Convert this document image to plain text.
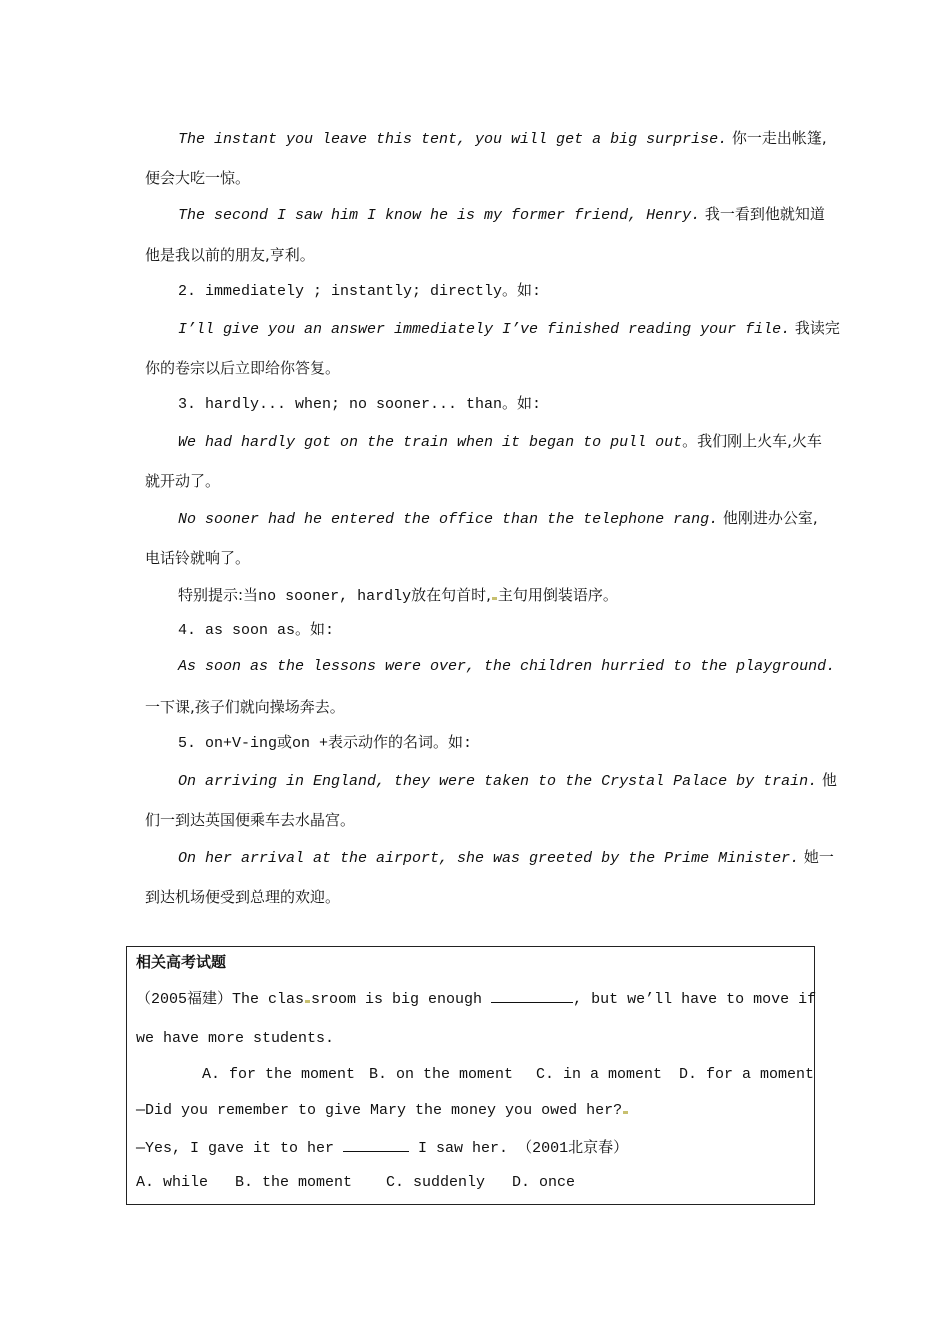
The instant you leave this tent, you will get a big surprise. 你一走出帐篷,
便会大吃一惊。
The second I saw him I know he is my former friend, Henry. 我一看到他就知道
他是我以前的朋友,亨利。
2. immediately ; instantly; directly。如:
I’ll give you an answer immediately I’ve finished reading your file. 我读完
你的卷宗以后立即给你答复。
3. hardly... when; no sooner... than。如:
We had hardly got on the train when it began to pull out。我们刚上火车,火车
就开动了。
No sooner had he entered the office than the telephone rang. 他刚进办公室,
电话铃就响了。
特别提示:当no sooner, hardly放在句首时, 主句用倒装语序。
4. as soon as。如:
As soon as the lessons were over, the children hurried to the playground.
一下课,孩子们就向操场奔去。
5. on+V-ing或on +表示动作的名词。如:
On arriving in England, they were taken to the Crystal Palace by train. 他
们一到达英国便乘车去水晶宫。
On her arrival at the airport, she was greeted by the Prime Minister. 她一
到达机场便受到总理的欢迎。
相关高考试题
（2005福建）The clas sroom is big enough	, but we’ll have to move if
we have more students.
A. for the moment B. on the moment C. in a moment D. for a moment
—Did you remember to give Mary the money you owed her?
—Yes, I gave it to her	I saw her. （2001北京春）
A. while B. the moment C. suddenly D. once
